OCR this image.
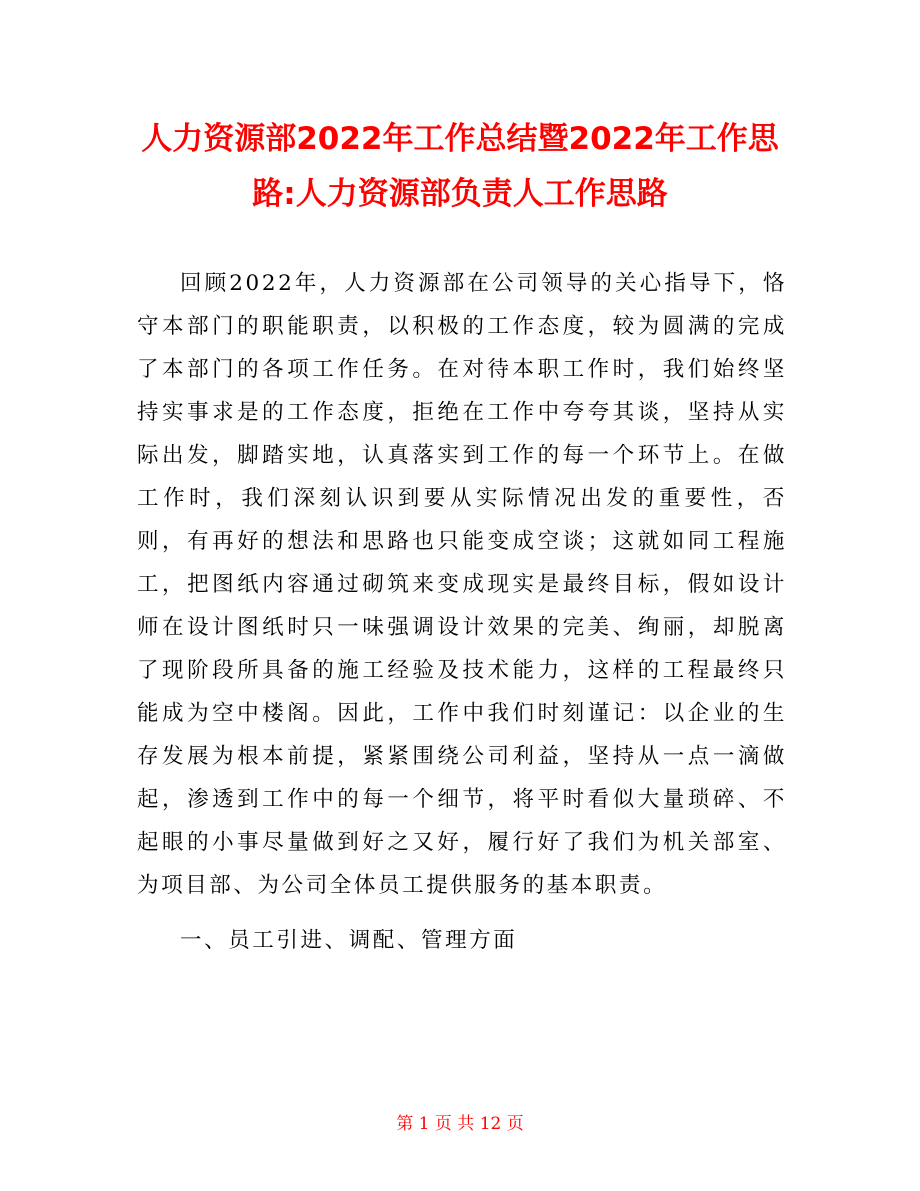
人力资源部2022年工作总结暨2022年工作思
路:人力资源部负责人工作思路

回顾2022年，人力资源部在公司领导的关心指导下，恪守本部门的职能职责，以积极的工作态度，较为圆满的完成了本部门的各项工作任务。在对待本职工作时，我们始终坚持实事求是的工作态度，拒绝在工作中夸夸其谈，坚持从实际出发，脚踏实地，认真落实到工作的每一个环节上。在做工作时，我们深刻认识到要从实际情况出发的重要性，否则，有再好的想法和思路也只能变成空谈；这就如同工程施工，把图纸内容通过砌筑来变成现实是最终目标，假如设计师在设计图纸时只一味强调设计效果的完美、绚丽，却脱离了现阶段所具备的施工经验及技术能力，这样的工程最终只能成为空中楼阁。因此，工作中我们时刻谨记：以企业的生存发展为根本前提，紧紧围绕公司利益，坚持从一点一滴做起，渗透到工作中的每一个细节，将平时看似大量琐碎、不起眼的小事尽量做到好之又好，履行好了我们为机关部室、为项目部、为公司全体员工提供服务的基本职责。

一、员工引进、调配、管理方面

第 1 页 共 12 页
